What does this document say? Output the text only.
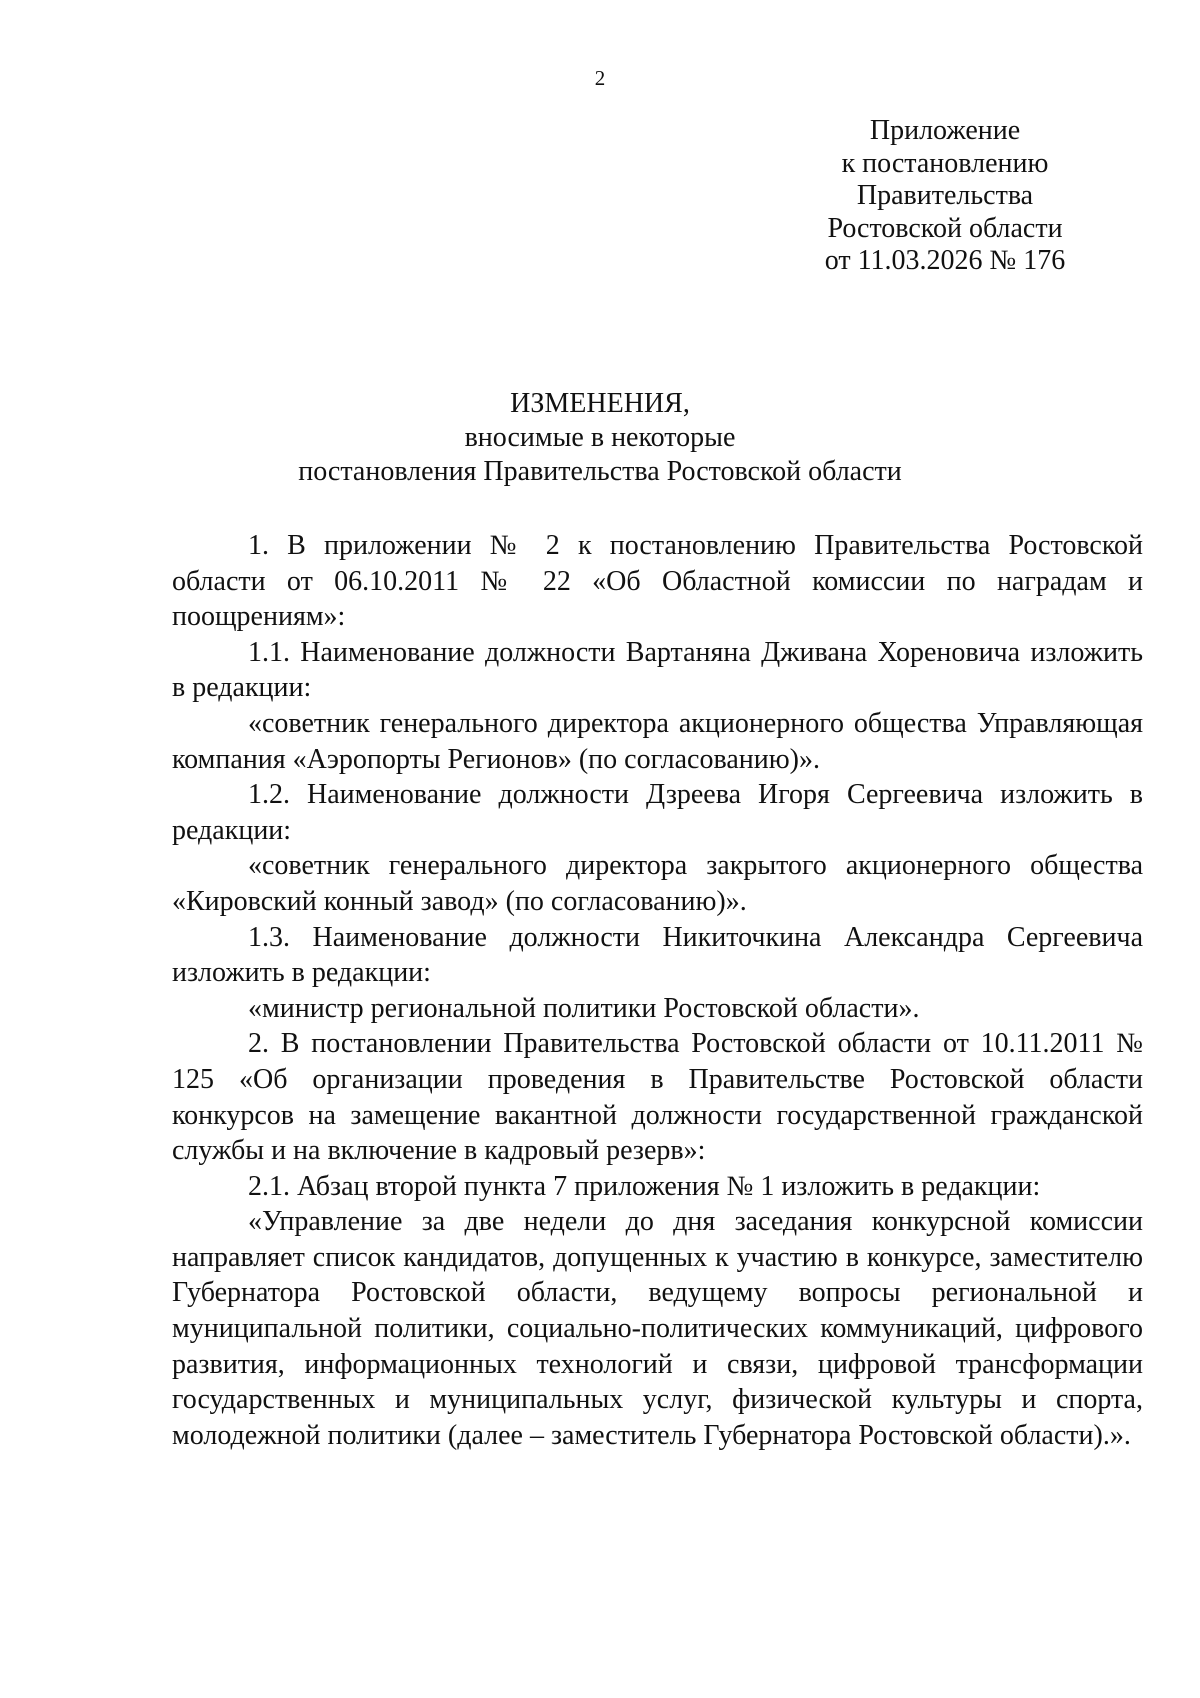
2
Приложение
к постановлению
Правительства
Ростовской области
от 11.03.2026 № 176
ИЗМЕНЕНИЯ,
вносимые в некоторые
постановления Правительства Ростовской области

1. В приложении № 2 к постановлению Правительства Ростовской области от 06.10.2011 № 22 «Об Областной комиссии по наградам и поощрениям»:

1.1. Наименование должности Вартаняна Дживана Хореновича изложить в редакции:

«советник генерального директора акционерного общества Управляющая компания «Аэропорты Регионов» (по согласованию)».

1.2. Наименование должности Дзреева Игоря Сергеевича изложить в редакции:

«советник генерального директора закрытого акционерного общества «Кировский конный завод» (по согласованию)».

1.3. Наименование должности Никиточкина Александра Сергеевича изложить в редакции:

«министр региональной политики Ростовской области».

2. В постановлении Правительства Ростовской области от 10.11.2011 № 125 «Об организации проведения в Правительстве Ростовской области конкурсов на замещение вакантной должности государственной гражданской службы и на включение в кадровый резерв»:

2.1. Абзац второй пункта 7 приложения № 1 изложить в редакции:

«Управление за две недели до дня заседания конкурсной комиссии направляет список кандидатов, допущенных к участию в конкурсе, заместителю Губернатора Ростовской области, ведущему вопросы региональной и муниципальной политики, социально-политических коммуникаций, цифрового развития, информационных технологий и связи, цифровой трансформации государственных и муниципальных услуг, физической культуры и спорта, молодежной политики (далее – заместитель Губернатора Ростовской области).».
